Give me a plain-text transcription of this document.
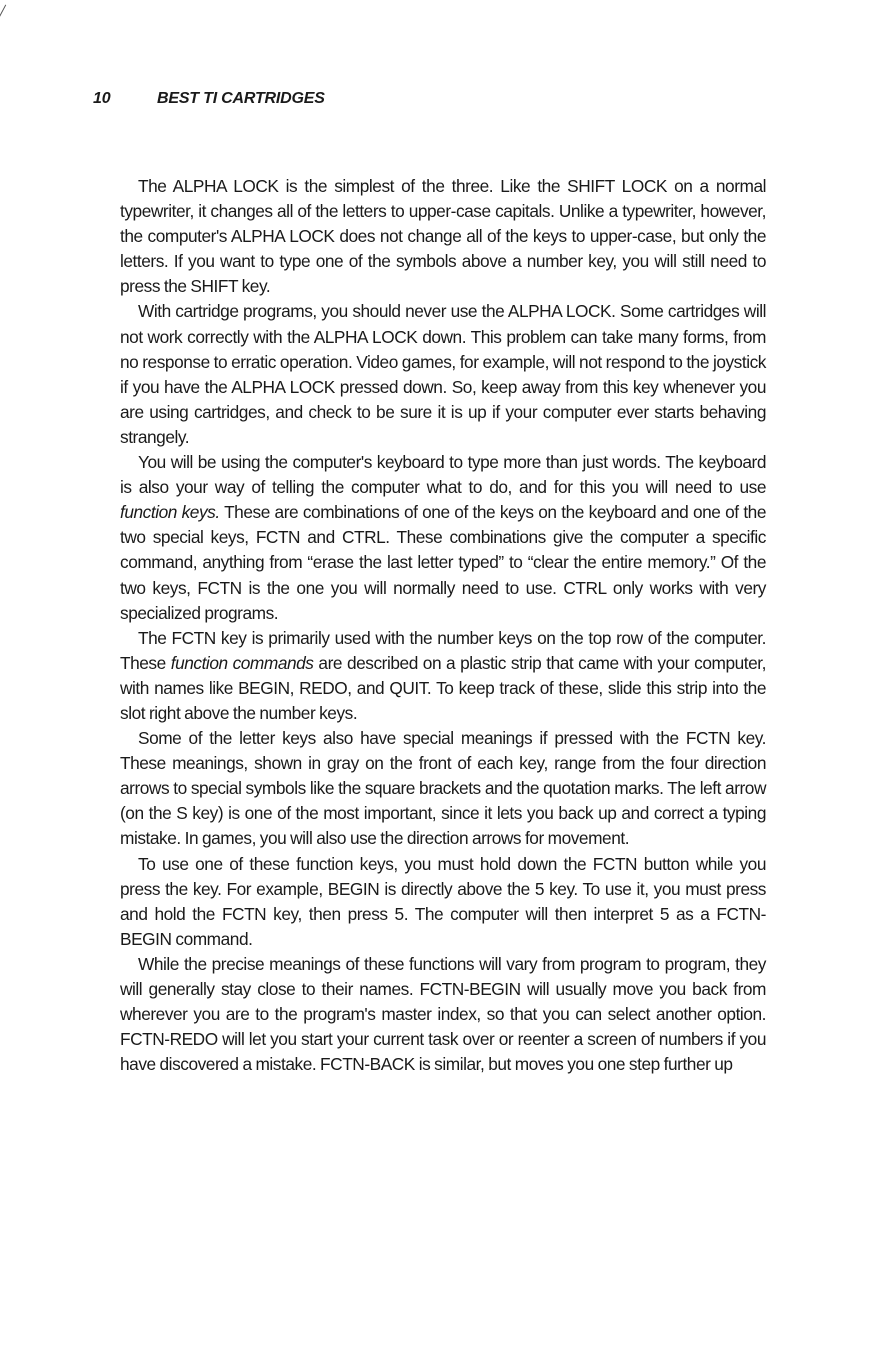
10	BEST TI CARTRIDGES

The ALPHA LOCK is the simplest of the three. Like the SHIFT LOCK on a normal typewriter, it changes all of the letters to upper-case capitals. Unlike a typewriter, however, the computer's ALPHA LOCK does not change all of the keys to upper-case, but only the letters. If you want to type one of the symbols above a number key, you will still need to press the SHIFT key.

With cartridge programs, you should never use the ALPHA LOCK. Some cartridges will not work correctly with the ALPHA LOCK down. This problem can take many forms, from no response to erratic operation. Video games, for example, will not respond to the joystick if you have the ALPHA LOCK pressed down. So, keep away from this key whenever you are using cartridges, and check to be sure it is up if your computer ever starts behaving strangely.

You will be using the computer's keyboard to type more than just words. The keyboard is also your way of telling the computer what to do, and for this you will need to use function keys. These are combinations of one of the keys on the keyboard and one of the two special keys, FCTN and CTRL. These combinations give the computer a specific command, anything from “erase the last letter typed” to “clear the entire memory.” Of the two keys, FCTN is the one you will normally need to use. CTRL only works with very specialized programs.

The FCTN key is primarily used with the number keys on the top row of the computer. These function commands are described on a plastic strip that came with your computer, with names like BEGIN, REDO, and QUIT. To keep track of these, slide this strip into the slot right above the number keys.

Some of the letter keys also have special meanings if pressed with the FCTN key. These meanings, shown in gray on the front of each key, range from the four direction arrows to special symbols like the square brackets and the quotation marks. The left arrow (on the S key) is one of the most important, since it lets you back up and correct a typing mistake. In games, you will also use the direction arrows for movement.

To use one of these function keys, you must hold down the FCTN button while you press the key. For example, BEGIN is directly above the 5 key. To use it, you must press and hold the FCTN key, then press 5. The computer will then interpret 5 as a FCTN-BEGIN command.

While the precise meanings of these functions will vary from program to program, they will generally stay close to their names. FCTN-BEGIN will usually move you back from wherever you are to the program's master index, so that you can select another option. FCTN-REDO will let you start your current task over or reenter a screen of numbers if you have discovered a mistake. FCTN-BACK is similar, but moves you one step further up
